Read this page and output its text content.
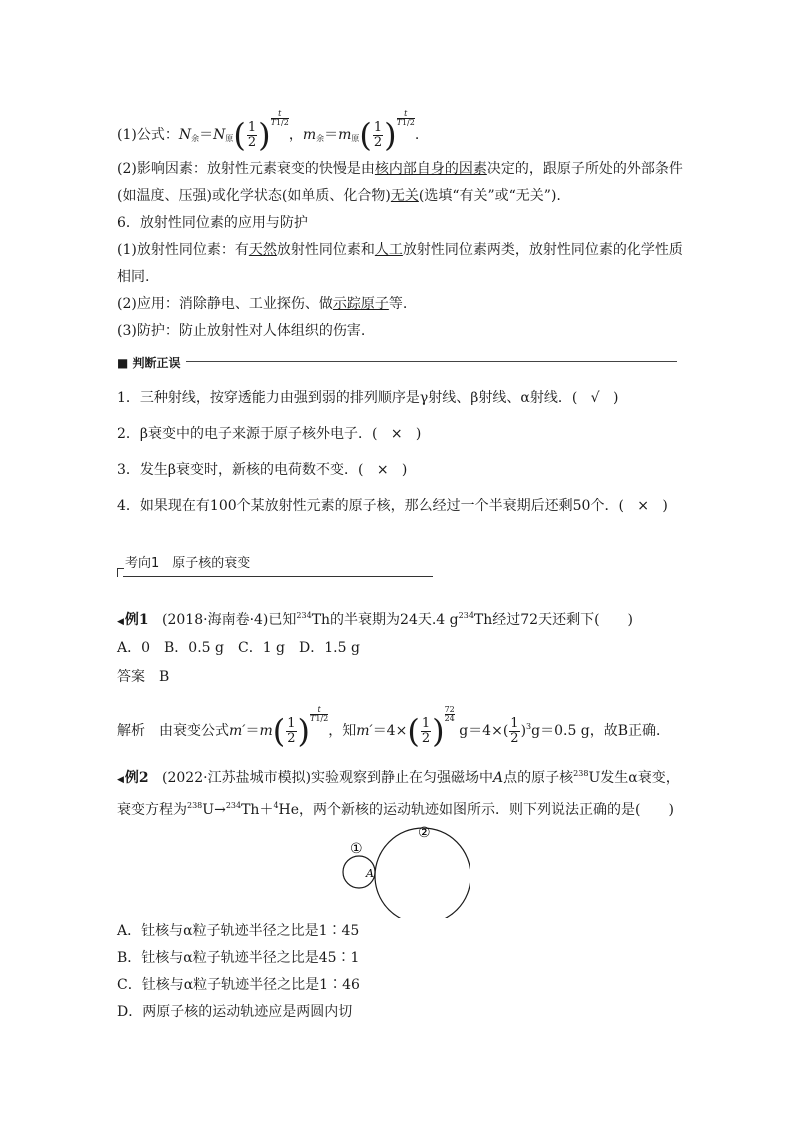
(1)公式：$N_余=N_原( \frac{1}{2}$ ) $\frac{t}{T1/2}$，$m_余=m_原( \frac{1}{2}$ ) $\frac{t}{T1/2}$.
(2)影响因素：放射性元素衰变的快慢是由核内部自身的因素决定的，跟原子所处的外部条件
(如温度、压强)或化学状态(如单质、化合物)无关(选填“有关”或“无关”).
6．放射性同位素的应用与防护
(1)放射性同位素：有天然放射性同位素和人工放射性同位素两类，放射性同位素的化学性质
相同.
(2)应用：消除静电、工业探伤、做示踪原子等.
(3)防护：防止放射性对人体组织的伤害.
■ 判断正误
1．三种射线，按穿透能力由强到弱的排列顺序是γ射线、β射线、α射线．( √ )
2．β衰变中的电子来源于原子核外电子．( × )
3．发生β衰变时，新核的电荷数不变．( × )
4．如果现在有100个某放射性元素的原子核，那么经过一个半衰期后还剩50个．( × )
考向1　原子核的衰变
◀ 例1 (2018·海南卷·4)已知$^{234}$Th的半衰期为24天.4 $g^{234}Th$经过72天还剩下(　　)
A．0　B．0.5 g　C．1 g　D．1.5 g
答案　B
解析　由衰变公式$m'=m( \frac{1}{2}$ ) $\frac{t}{T1/2}$，知$m'=4\times( \frac{1}{2}$ ) $\frac{72}{24} g=4\times( \frac{1}{2} )^3g=0.5$ g，故B正确．
◀ 例2 (2022·江苏盐城市模拟)实验观察到静止在匀强磁场中A点的原子核$^{238}$U发生α衰变，
衰变方程为$^{238}$U→$^{234}$Th＋$^4$He，两个新核的运动轨迹如图所示．则下列说法正确的是(　　)
①
②
A
A．钍核与α粒子轨迹半径之比是1∶45
B．钍核与α粒子轨迹半径之比是45∶1
C．钍核与α粒子轨迹半径之比是1∶46
D．两原子核的运动轨迹应是两圆内切
